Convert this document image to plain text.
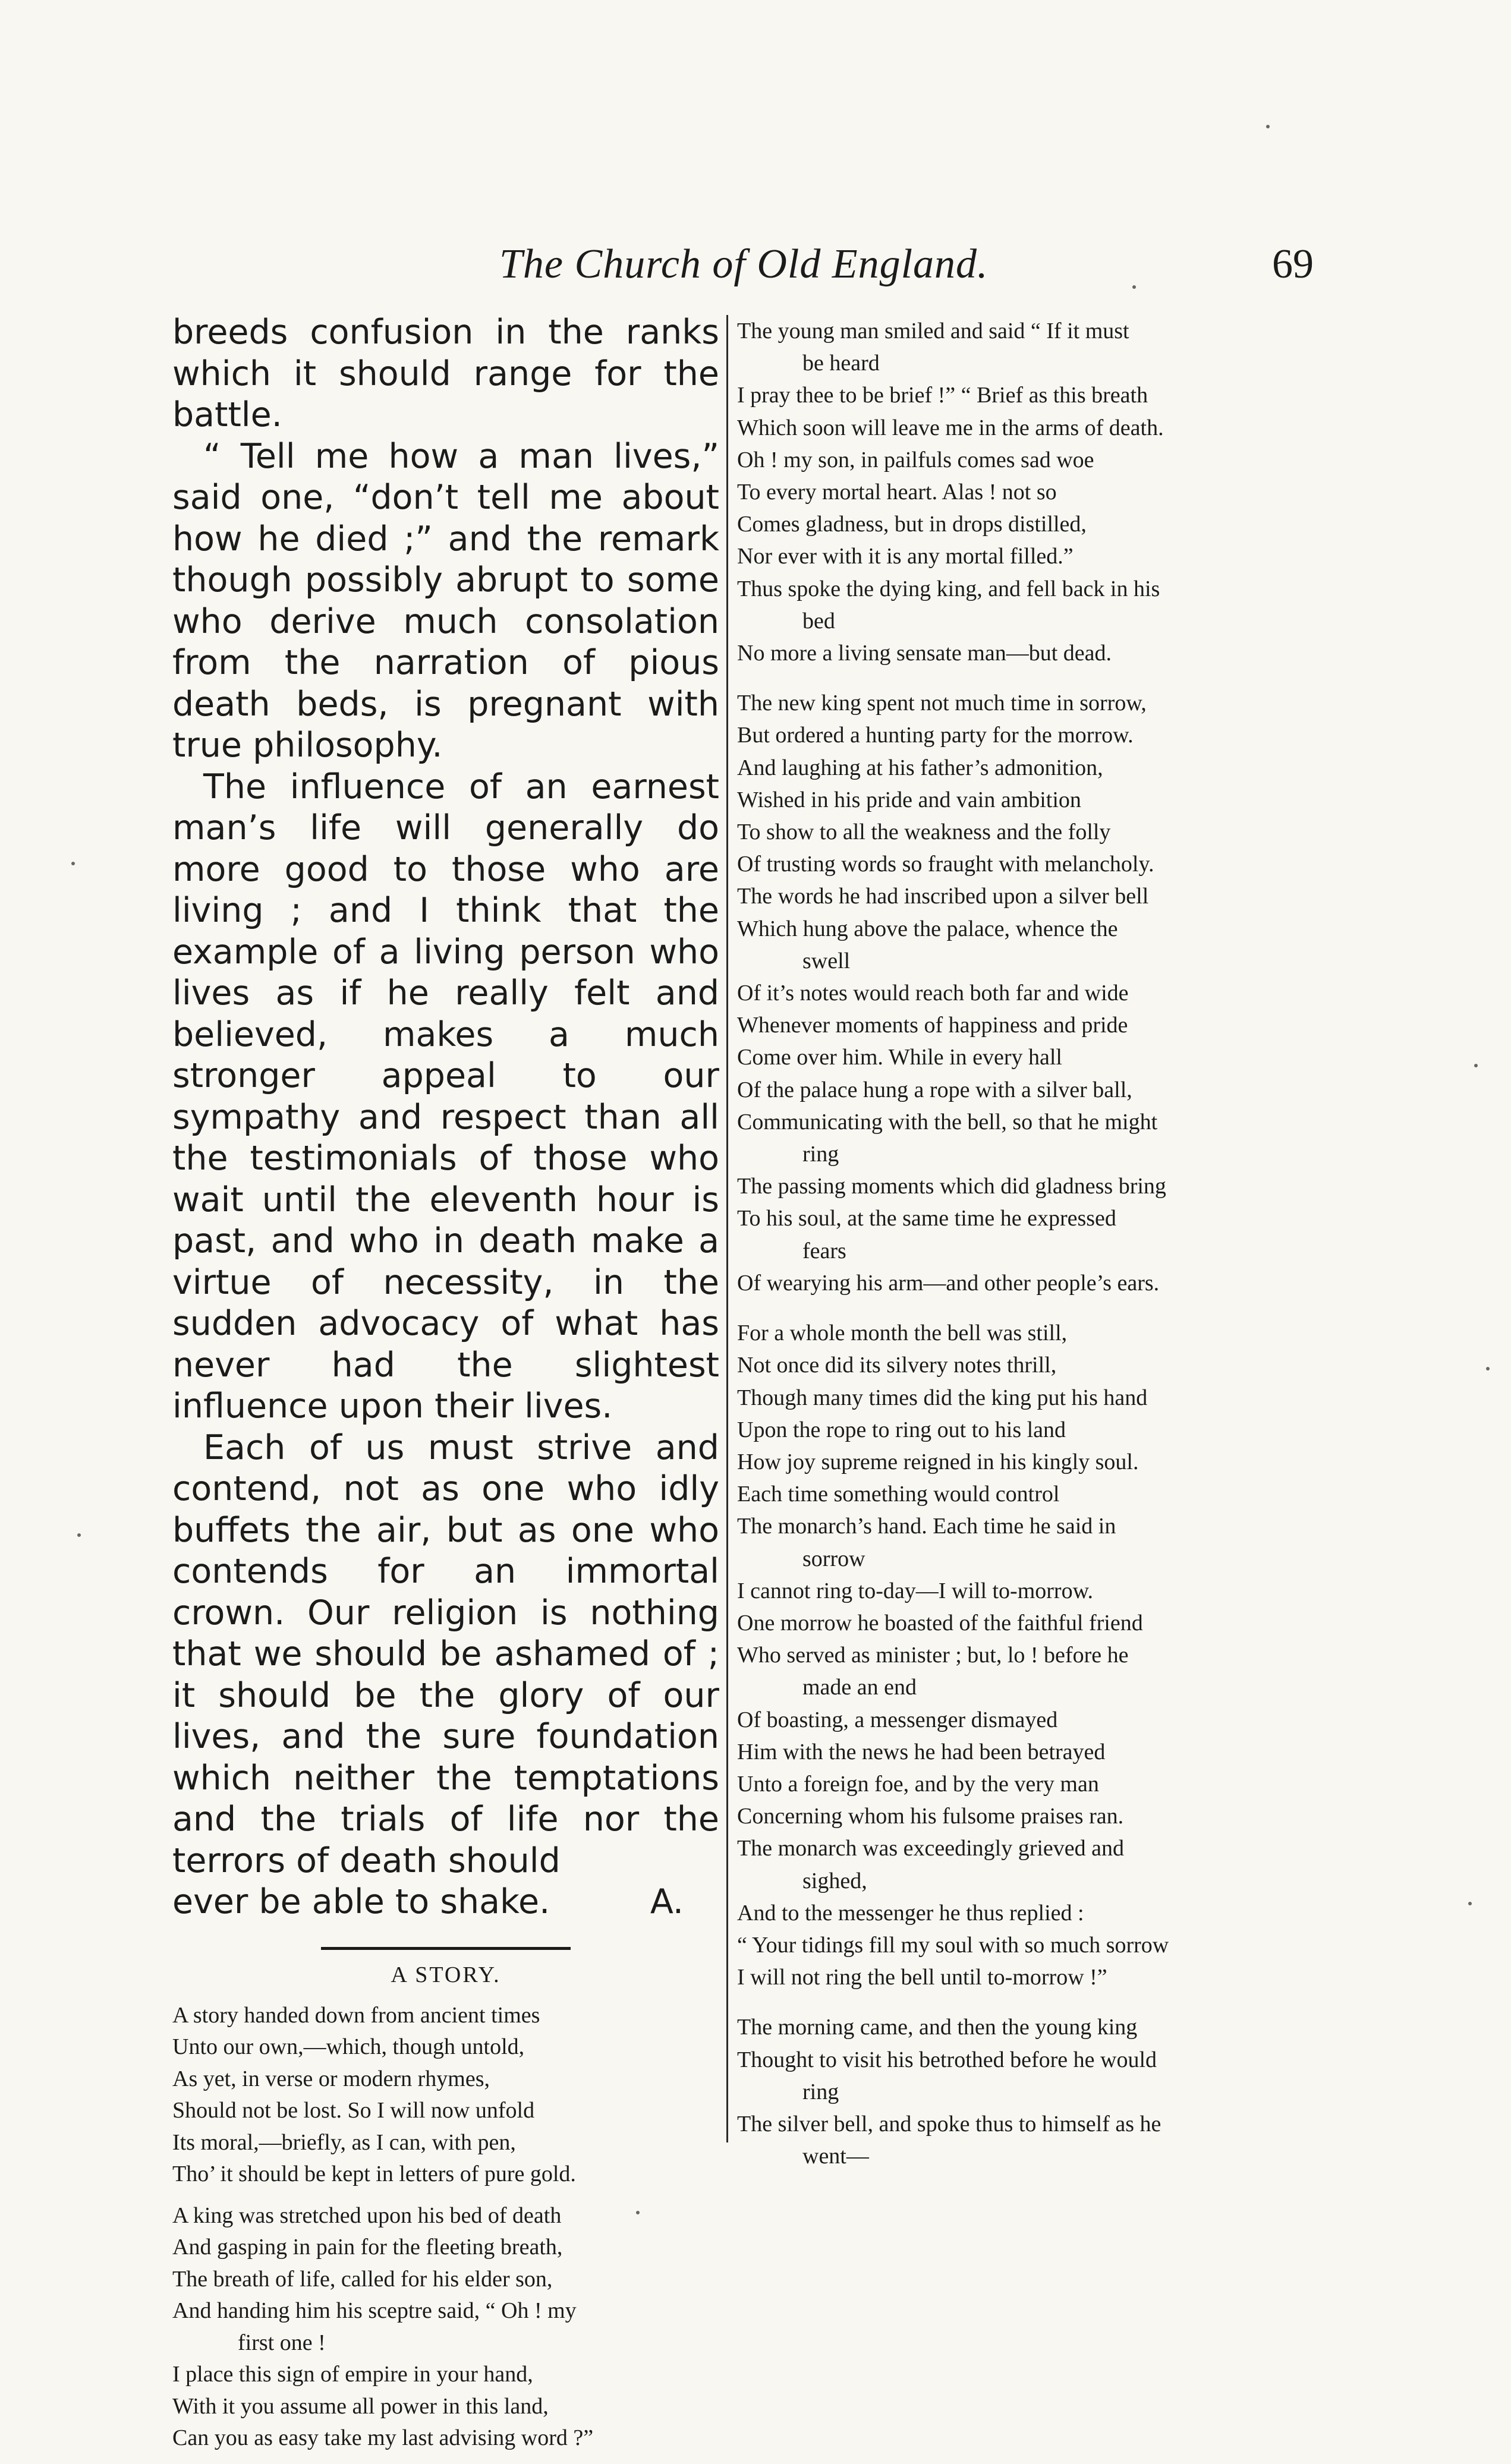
The Church of Old England.	69

breeds confusion in the ranks which it should range for the battle.

“ Tell me how a man lives,” said one, “don’t tell me about how he died ;” and the remark though possibly abrupt to some who derive much consolation from the narration of pious death beds, is pregnant with true philosophy.

The influence of an earnest man’s life will generally do more good to those who are living ; and I think that the example of a living person who lives as if he really felt and believed, makes a much stronger appeal to our sympathy and respect than all the testimonials of those who wait until the eleventh hour is past, and who in death make a virtue of necessity, in the sudden advocacy of what has never had the slightest influence upon their lives.

Each of us must strive and contend, not as one who idly buffets the air, but as one who contends for an immortal crown. Our religion is nothing that we should be ashamed of ; it should be the glory of our lives, and the sure foundation which neither the temptations and the trials of life nor the terrors of death should

ever be able to shake.	A.
A STORY.
A story handed down from ancient times
Unto our own,—which, though untold,
As yet, in verse or modern rhymes,
Should not be lost. So I will now unfold
Its moral,—briefly, as I can, with pen,
Tho’ it should be kept in letters of pure gold.
A king was stretched upon his bed of death
And gasping in pain for the fleeting breath,
The breath of life, called for his elder son,
And handing him his sceptre said, “ Oh ! my
first one !
I place this sign of empire in your hand,
With it you assume all power in this land,
Can you as easy take my last advising word ?”
The young man smiled and said “ If it must
be heard
I pray thee to be brief !” “ Brief as this breath
Which soon will leave me in the arms of death.
Oh ! my son, in pailfuls comes sad woe
To every mortal heart. Alas ! not so
Comes gladness, but in drops distilled,
Nor ever with it is any mortal filled.”
Thus spoke the dying king, and fell back in his
bed
No more a living sensate man—but dead.
The new king spent not much time in sorrow,
But ordered a hunting party for the morrow.
And laughing at his father’s admonition,
Wished in his pride and vain ambition
To show to all the weakness and the folly
Of trusting words so fraught with melancholy.
The words he had inscribed upon a silver bell
Which hung above the palace, whence the
swell
Of it’s notes would reach both far and wide
Whenever moments of happiness and pride
Come over him. While in every hall
Of the palace hung a rope with a silver ball,
Communicating with the bell, so that he might
ring
The passing moments which did gladness bring
To his soul, at the same time he expressed
fears
Of wearying his arm—and other people’s ears.
For a whole month the bell was still,
Not once did its silvery notes thrill,
Though many times did the king put his hand
Upon the rope to ring out to his land
How joy supreme reigned in his kingly soul.
Each time something would control
The monarch’s hand. Each time he said in
sorrow
I cannot ring to-day—I will to-morrow.
One morrow he boasted of the faithful friend
Who served as minister ; but, lo ! before he
made an end
Of boasting, a messenger dismayed
Him with the news he had been betrayed
Unto a foreign foe, and by the very man
Concerning whom his fulsome praises ran.
The monarch was exceedingly grieved and
sighed,
And to the messenger he thus replied :
“ Your tidings fill my soul with so much sorrow
I will not ring the bell until to-morrow !”
The morning came, and then the young king
Thought to visit his betrothed before he would
ring
The silver bell, and spoke thus to himself as he
went—
